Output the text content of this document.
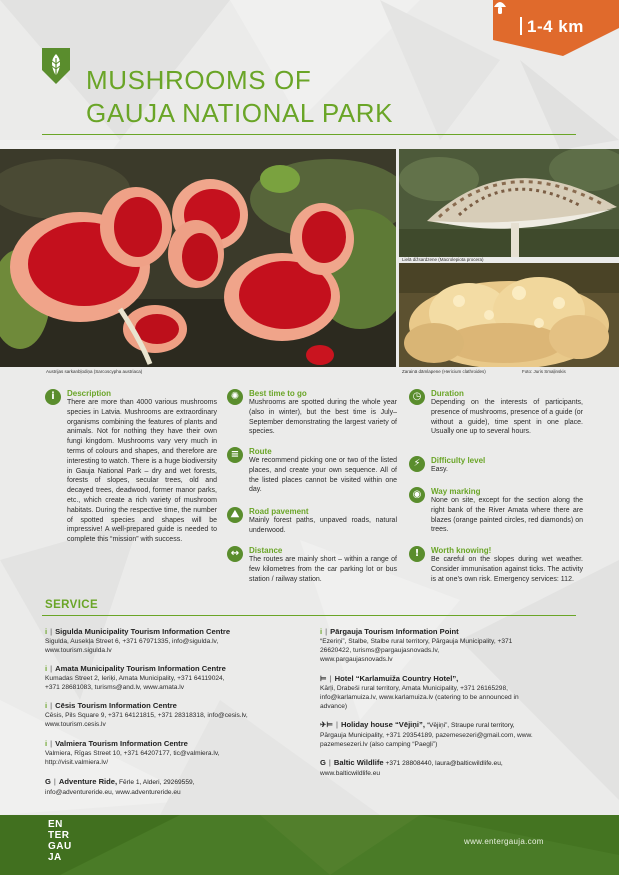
1-4 km
MUSHROOMS OF
GAUJA NATIONAL PARK
Austrijas sarkanbļodiņa (Sarcoscypha austriaca)
Lielā dižsardzene (Macrolepiota procera)
Zarainā dāmlapene (Hericium clathroides)	Foto: Juris Smaļinskis
i	Description
There are more than 4000 various mushrooms species in Latvia. Mushrooms are extraordinary organisms combining the features of plants and animals. Not for nothing they have their own fungi kingdom. Mushrooms vary very much in terms of colours and shapes, and therefore are interesting to watch. There is a huge biodiversity in Gauja National Park – dry and wet forests, forests of slopes, secular trees, old and decayed trees, deadwood, former manor parks, etc., which create a rich variety of mushroom habitats. During the respective time, the number of spotted species and shapes will be impressive! A well-prepared guide is needed to complete this “mission” with success.
✺	Best time to go
Mushrooms are spotted during the whole year (also in winter), but the best time is July–September demonstrating the largest variety of species.
≡	Route
We recommend picking one or two of the listed places, and create your own sequence. All of the listed places cannot be visited within one day.
⛰	Road pavement
Mainly forest paths, unpaved roads, natural underwood.
↔	Distance
The routes are mainly short – within a range of few kilometres from the car parking lot or bus station / railway station.
◷	Duration
Depending on the interests of participants, presence of mushrooms, presence of a guide (or without a guide), time spent in one place. Usually one up to several hours.
⚡	Difficulty level
Easy.
◉	Way marking
None on site, except for the section along the right bank of the River Amata where there are blazes (orange painted circles, red diamonds) on trees.
!	Worth knowing!
Be careful on the slopes during wet weather. Consider immunisation against ticks. The activity is at one’s own risk. Emergency services: 112.
SERVICE
i | Sigulda Municipality Tourism Information Centre
Sigulda, Ausekļa Street 6, +371 67971335, info@sigulda.lv,
www.tourism.sigulda.lv
i | Amata Municipality Tourism Information Centre
Kumadas Street 2, Ieriķi, Amata Municipality, +371 64119024,
+371 28681083, turisms@and.lv, www.amata.lv
i | Cēsis Tourism Information Centre
Cēsis, Pils Square 9, +371 64121815, +371 28318318, info@cesis.lv,
www.tourism.cesis.lv
i | Valmiera Tourism Information Centre
Valmiera, Rīgas Street 10, +371 64207177, tic@valmiera.lv,
http://visit.valmiera.lv/
G | Adventure Ride, Fērle 1, Alderi, 29269559,
info@adventureride.eu, www.adventureride.eu
i | Pārgauja Tourism Information Point
“Ezeriņi”, Stalbe, Stalbe rural territory, Pārgauja Municipality, +371
26620422, turisms@pargaujasnovads.lv,
www.pargaujasnovads.lv
⊨ | Hotel “Karlamuiža Country Hotel”,
Kārļi, Drabeši rural territory, Amata Municipality, +371 26165298,
info@karlamuiza.lv, www.karlamuiza.lv (catering to be announced in
advance)
✈⊨ | Holiday house “Vējiņi”, “Vējiņi”, Straupe rural territory,
Pārgauja Municipality, +371 29354189, pazemesezeri@gmail.com, www.
pazemesezeri.lv (also camping “Paegļi”)
G | Baltic Wildlife +371 28808440, laura@balticwildlife.eu,
www.balticwildlife.eu
EN
TER
GAU
JA
www.entergauja.com
